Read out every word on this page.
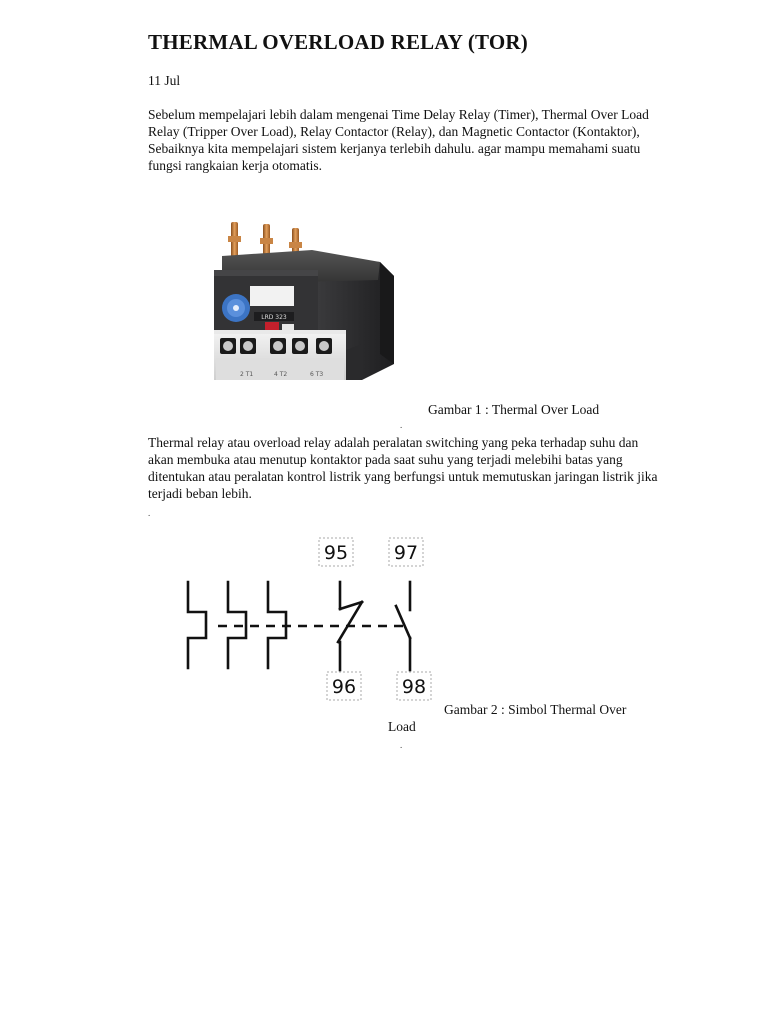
THERMAL OVERLOAD RELAY (TOR)
11 Jul

Sebelum mempelajari lebih dalam mengenai Time Delay Relay (Timer), Thermal Over Load Relay (Tripper Over Load), Relay Contactor (Relay), dan Magnetic Contactor (Kontaktor), Sebaiknya kita mempelajari sistem kerjanya terlebih dahulu. agar mampu memahami suatu fungsi rangkaian kerja otomatis.

LRD 323
2 T1	4 T2	6 T3
Gambar 1 : Thermal Over Load
.

Thermal relay atau overload relay adalah peralatan switching yang peka terhadap suhu dan akan membuka atau menutup kontaktor pada saat suhu yang terjadi melebihi batas yang ditentukan atau peralatan kontrol listrik yang berfungsi untuk memutuskan jaringan listrik jika terjadi beban lebih.

.
95 97
96 98
Gambar 2 : Simbol Thermal Over
Load
.
